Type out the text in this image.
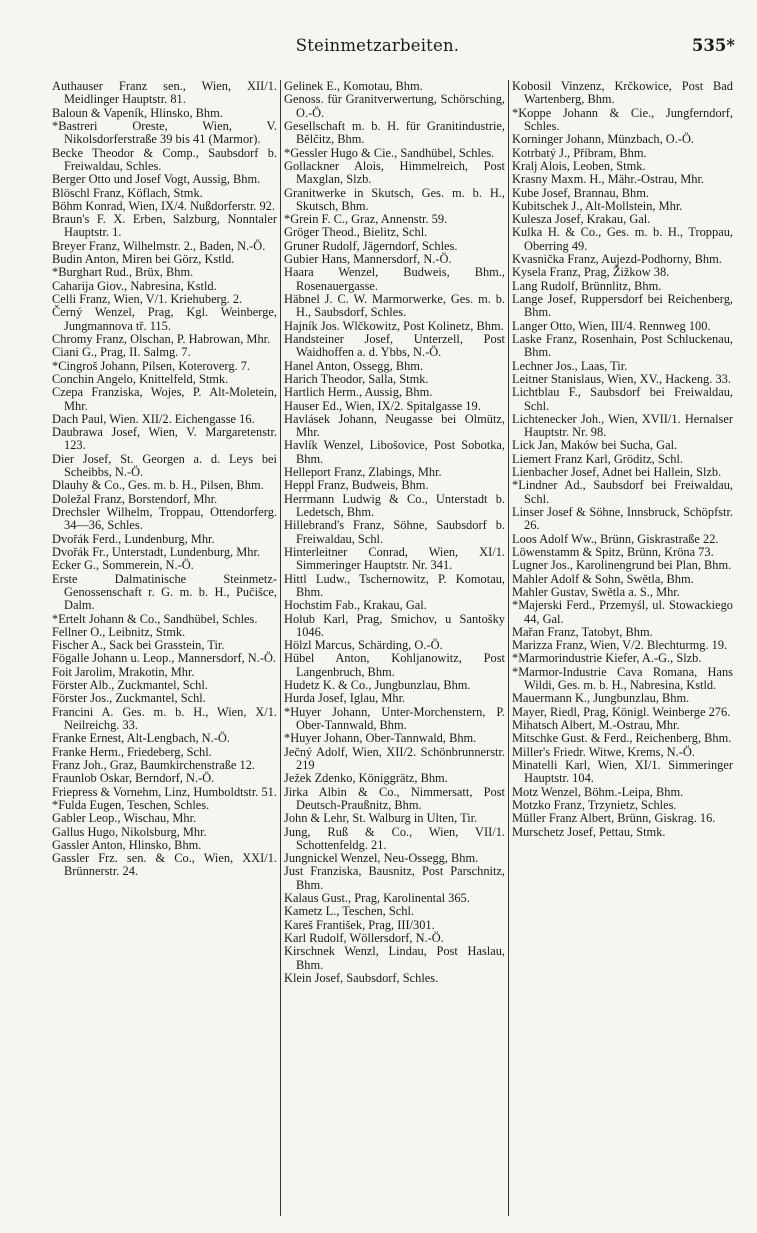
Steinmetzarbeiten.	535*
Authauser Franz sen., Wien, XII/1. Meidlinger Hauptstr. 81.
Baloun & Vapeník, Hlinsko, Bhm.
*Bastreri Oreste, Wien, V. Nikolsdorferstraße 39 bis 41 (Marmor).
Becke Theodor & Comp., Saubsdorf b. Freiwaldau, Schles.
Berger Otto und Josef Vogt, Aussig, Bhm.
Blöschl Franz, Köflach, Stmk.
Böhm Konrad, Wien, IX/4. Nußdorferstr. 92.
Braun's F. X. Erben, Salzburg, Nonntaler Hauptstr. 1.
Breyer Franz, Wilhelmstr. 2., Baden, N.-Ö.
Budin Anton, Miren bei Görz, Kstld.
*Burghart Rud., Brüx, Bhm.
Caharija Giov., Nabresina, Kstld.
Celli Franz, Wien, V/1. Kriehuberg. 2.
Černý Wenzel, Prag, Kgl. Weinberge, Jungmannova tř. 115.
Chromy Franz, Olschan, P. Habrowan, Mhr.
Ciani G., Prag, II. Salmg. 7.
*Cingroš Johann, Pilsen, Koteroverg. 7.
Conchin Angelo, Knittelfeld, Stmk.
Czepa Franziska, Wojes, P. Alt-Moletein, Mhr.
Dach Paul, Wien. XII/2. Eichengasse 16.
Daubrawa Josef, Wien, V. Margaretenstr. 123.
Dier Josef, St. Georgen a. d. Leys bei Scheibbs, N.-Ö.
Dlauhy & Co., Ges. m. b. H., Pilsen, Bhm.
Doležal Franz, Borstendorf, Mhr.
Drechsler Wilhelm, Troppau, Ottendorferg. 34—36, Schles.
Dvořák Ferd., Lundenburg, Mhr.
Dvořák Fr., Unterstadt, Lundenburg, Mhr.
Ecker G., Sommerein, N.-Ö.
Erste Dalmatinische Steinmetz-Genossenschaft r. G. m. b. H., Pučišce, Dalm.
*Ertelt Johann & Co., Sandhübel, Schles.
Fellner O., Leibnitz, Stmk.
Fischer A., Sack bei Grasstein, Tir.
Fögalle Johann u. Leop., Mannersdorf, N.-Ö.
Foit Jarolim, Mrakotin, Mhr.
Förster Alb., Zuckmantel, Schl.
Förster Jos., Zuckmantel, Schl.
Francini A. Ges. m. b. H., Wien, X/1. Neilreichg. 33.
Franke Ernest, Alt-Lengbach, N.-Ö.
Franke Herm., Friedeberg, Schl.
Franz Joh., Graz, Baumkirchenstraße 12.
Fraunlob Oskar, Berndorf, N.-Ö.
Friepress & Vornehm, Linz, Humboldtstr. 51.
*Fulda Eugen, Teschen, Schles.
Gabler Leop., Wischau, Mhr.
Gallus Hugo, Nikolsburg, Mhr.
Gassler Anton, Hlinsko, Bhm.
Gassler Frz. sen. & Co., Wien, XXI/1. Brünnerstr. 24.
Gelinek E., Komotau, Bhm.
Genoss. für Granitverwertung, Schörsching, O.-Ö.
Gesellschaft m. b. H. für Granitindustrie, Bělčitz, Bhm.
*Gessler Hugo & Cie., Sandhübel, Schles.
Gollackner Alois, Himmelreich, Post Maxglan, Slzb.
Granitwerke in Skutsch, Ges. m. b. H., Skutsch, Bhm.
*Grein F. C., Graz, Annenstr. 59.
Gröger Theod., Bielitz, Schl.
Gruner Rudolf, Jägerndorf, Schles.
Gubier Hans, Mannersdorf, N.-Ö.
Haara Wenzel, Budweis, Bhm., Rosenauergasse.
Häbnel J. C. W. Marmorwerke, Ges. m. b. H., Saubsdorf, Schles.
Hajník Jos. Wlčkowitz, Post Kolinetz, Bhm.
Handsteiner Josef, Unterzell, Post Waidhoffen a. d. Ybbs, N.-Ö.
Hanel Anton, Ossegg, Bhm.
Harich Theodor, Salla, Stmk.
Hartlich Herm., Aussig, Bhm.
Hauser Ed., Wien, IX/2. Spitalgasse 19.
Havlásek Johann, Neugasse bei Olmütz, Mhr.
Havlík Wenzel, Libošovice, Post Sobotka, Bhm.
Helleport Franz, Zlabings, Mhr.
Heppl Franz, Budweis, Bhm.
Herrmann Ludwig & Co., Unterstadt b. Ledetsch, Bhm.
Hillebrand's Franz, Söhne, Saubsdorf b. Freiwaldau, Schl.
Hinterleitner Conrad, Wien, XI/1. Simmeringer Hauptstr. Nr. 341.
Hittl Ludw., Tschernowitz, P. Komotau, Bhm.
Hochstim Fab., Krakau, Gal.
Holub Karl, Prag, Smichov, u Santošky 1046.
Hölzl Marcus, Schärding, O.-Ö.
Hübel Anton, Kohljanowitz, Post Langenbruch, Bhm.
Hudetz K. & Co., Jungbunzlau, Bhm.
Hurda Josef, Iglau, Mhr.
*Huyer Johann, Unter-Morchenstern, P. Ober-Tannwald, Bhm.
*Huyer Johann, Ober-Tannwald, Bhm.
Ječný Adolf, Wien, XII/2. Schönbrunnerstr. 219
Ježek Zdenko, Königgrätz, Bhm.
Jirka Albin & Co., Nimmersatt, Post Deutsch-Praußnitz, Bhm.
John & Lehr, St. Walburg in Ulten, Tir.
Jung, Ruß & Co., Wien, VII/1. Schottenfeldg. 21.
Jungnickel Wenzel, Neu-Ossegg, Bhm.
Just Franziska, Bausnitz, Post Parschnitz, Bhm.
Kalaus Gust., Prag, Karolinental 365.
Kametz L., Teschen, Schl.
Kareš František, Prag, III/301.
Karl Rudolf, Wöllersdorf, N.-Ö.
Kirschnek Wenzl, Lindau, Post Haslau, Bhm.
Klein Josef, Saubsdorf, Schles.
Kobosil Vinzenz, Krčkowice, Post Bad Wartenberg, Bhm.
*Koppe Johann & Cie., Jungferndorf, Schles.
Korninger Johann, Münzbach, O.-Ö.
Kotrbatý J., Příbram, Bhm.
Kralj Alois, Leoben, Stmk.
Krasny Maxm. H., Mähr.-Ostrau, Mhr.
Kube Josef, Brannau, Bhm.
Kubitschek J., Alt-Mollstein, Mhr.
Kulesza Josef, Krakau, Gal.
Kulka H. & Co., Ges. m. b. H., Troppau, Oberring 49.
Kvasnička Franz, Aujezd-Podhorny, Bhm.
Kysela Franz, Prag, Žižkow 38.
Lang Rudolf, Brünnlitz, Bhm.
Lange Josef, Ruppersdorf bei Reichenberg, Bhm.
Langer Otto, Wien, III/4. Rennweg 100.
Laske Franz, Rosenhain, Post Schluckenau, Bhm.
Lechner Jos., Laas, Tir.
Leitner Stanislaus, Wien, XV., Hackeng. 33.
Lichtblau F., Saubsdorf bei Freiwaldau, Schl.
Lichtenecker Joh., Wien, XVII/1. Hernalser Hauptstr. Nr. 98.
Lick Jan, Maków bei Sucha, Gal.
Liemert Franz Karl, Gröditz, Schl.
Lienbacher Josef, Adnet bei Hallein, Slzb.
*Lindner Ad., Saubsdorf bei Freiwaldau, Schl.
Linser Josef & Söhne, Innsbruck, Schöpfstr. 26.
Loos Adolf Ww., Brünn, Giskrastraße 22.
Löwenstamm & Spitz, Brünn, Kröna 73.
Lugner Jos., Karolinengrund bei Plan, Bhm.
Mahler Adolf & Sohn, Swětla, Bhm.
Mahler Gustav, Swětla a. S., Mhr.
*Majerski Ferd., Przemyśl, ul. Stowackiego 44, Gal.
Mařan Franz, Tatobyt, Bhm.
Marizza Franz, Wien, V/2. Blechturmg. 19.
*Marmorindustrie Kiefer, A.-G., Slzb.
*Marmor-Industrie Cava Romana, Hans Wildi, Ges. m. b. H., Nabresina, Kstld.
Mauermann K., Jungbunzlau, Bhm.
Mayer, Riedl, Prag, Königl. Weinberge 276.
Mihatsch Albert, M.-Ostrau, Mhr.
Mitschke Gust. & Ferd., Reichenberg, Bhm.
Miller's Friedr. Witwe, Krems, N.-Ö.
Minatelli Karl, Wien, XI/1. Simmeringer Hauptstr. 104.
Motz Wenzel, Böhm.-Leipa, Bhm.
Motzko Franz, Trzynietz, Schles.
Müller Franz Albert, Brünn, Giskrag. 16.
Murschetz Josef, Pettau, Stmk.
